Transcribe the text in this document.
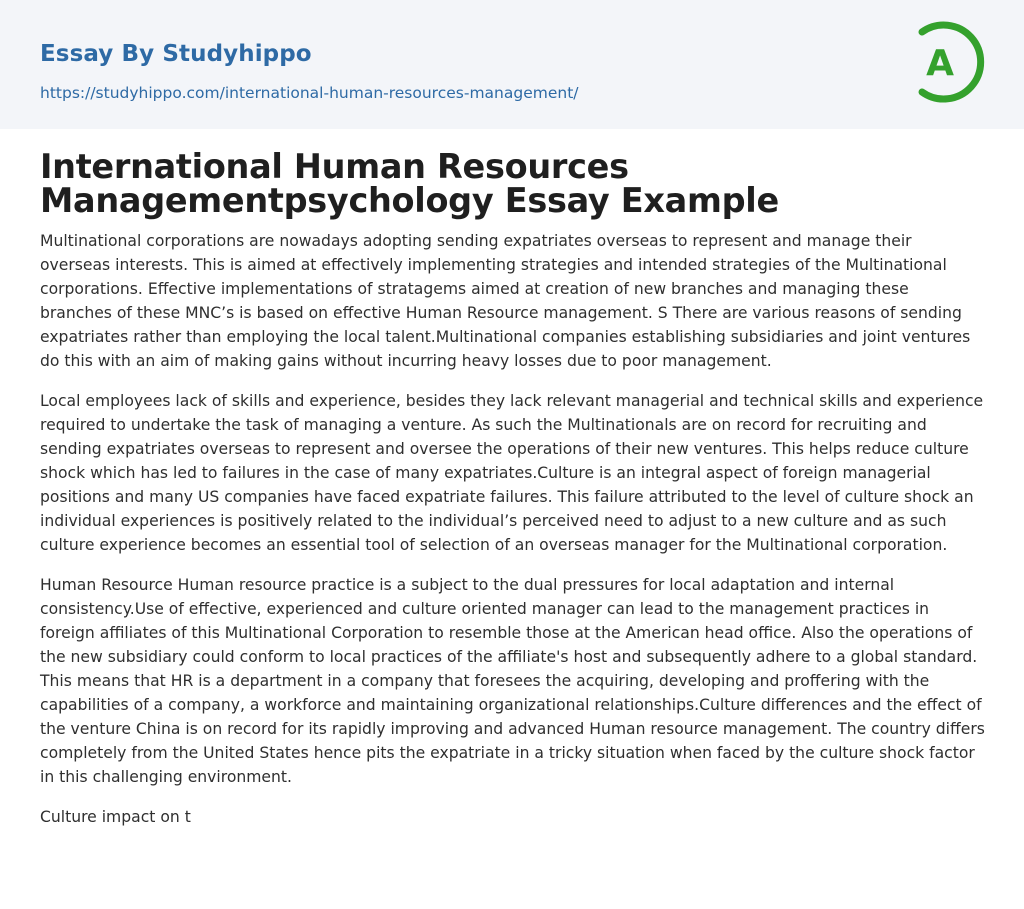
Essay By Studyhippo
https://studyhippo.com/international-human-resources-management/
A
International Human Resources Managementpsychology Essay Example

Multinational corporations are nowadays adopting sending expatriates overseas to represent and manage their overseas interests. This is aimed at effectively implementing strategies and intended strategies of the Multinational corporations. Effective implementations of stratagems aimed at creation of new branches and managing these branches of these MNC’s is based on effective Human Resource management. S There are various reasons of sending expatriates rather than employing the local talent.Multinational companies establishing subsidiaries and joint ventures do this with an aim of making gains without incurring heavy losses due to poor management.

Local employees lack of skills and experience, besides they lack relevant managerial and technical skills and experience required to undertake the task of managing a venture. As such the Multinationals are on record for recruiting and sending expatriates overseas to represent and oversee the operations of their new ventures. This helps reduce culture shock which has led to failures in the case of many expatriates.Culture is an integral aspect of foreign managerial positions and many US companies have faced expatriate failures. This failure attributed to the level of culture shock an individual experiences is positively related to the individual’s perceived need to adjust to a new culture and as such culture experience becomes an essential tool of selection of an overseas manager for the Multinational corporation.

Human Resource Human resource practice is a subject to the dual pressures for local adaptation and internal consistency.Use of effective, experienced and culture oriented manager can lead to the management practices in foreign affiliates of this Multinational Corporation to resemble those at the American head office. Also the operations of the new subsidiary could conform to local practices of the affiliate's host and subsequently adhere to a global standard. This means that HR is a department in a company that foresees the acquiring, developing and proffering with the capabilities of a company, a workforce and maintaining organizational relationships.Culture differences and the effect of the venture China is on record for its rapidly improving and advanced Human resource management. The country differs completely from the United States hence pits the expatriate in a tricky situation when faced by the culture shock factor in this challenging environment.

Culture impact on t
